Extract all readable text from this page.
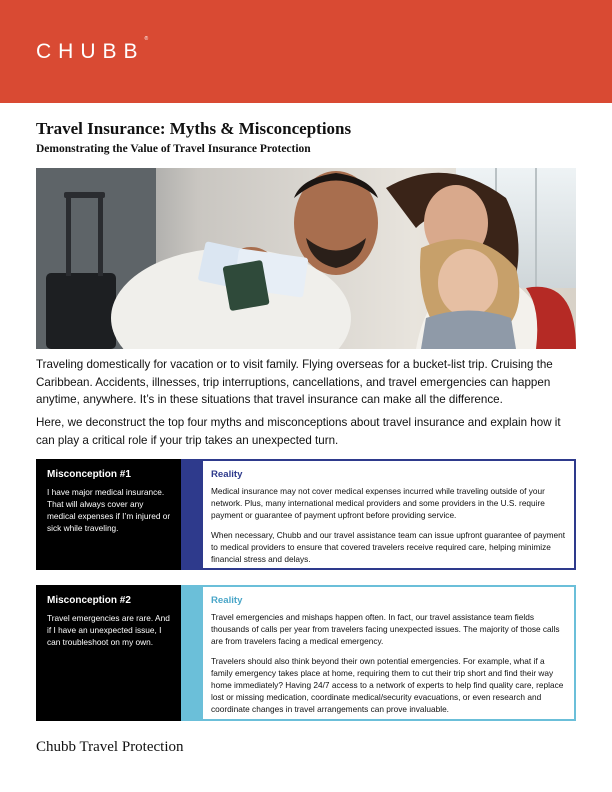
CHUBB®
Travel Insurance: Myths & Misconceptions
Demonstrating the Value of Travel Insurance Protection

Traveling domestically for vacation or to visit family. Flying overseas for a bucket-list trip. Cruising the Caribbean. Accidents, illnesses, trip interruptions, cancellations, and travel emergencies can happen anytime, anywhere. It’s in these situations that travel insurance can make all the difference.

Here, we deconstruct the top four myths and misconceptions about travel insurance and explain how it can play a critical role if your trip takes an unexpected turn.

Misconception #1

I have major medical insurance. That will always cover any medical expenses if I’m injured or sick while traveling.

Reality

Medical insurance may not cover medical expenses incurred while traveling outside of your network. Plus, many international medical providers and some providers in the U.S. require payment or guarantee of payment upfront before providing service.

When necessary, Chubb and our travel assistance team can issue upfront guarantee of payment to medical providers to ensure that covered travelers receive required care, helping minimize financial stress and delays.

Misconception #2

Travel emergencies are rare. And if I have an unexpected issue, I can troubleshoot on my own.

Reality

Travel emergencies and mishaps happen often. In fact, our travel assistance team fields thousands of calls per year from travelers facing unexpected issues. The majority of those calls are from travelers facing a medical emergency.

Travelers should also think beyond their own potential emergencies. For example, what if a family emergency takes place at home, requiring them to cut their trip short and find their way home immediately? Having 24/7 access to a network of experts to help find quality care, replace lost or missing medication, coordinate medical/security evacuations, or even research and coordinate changes in travel arrangements can prove invaluable.

Chubb Travel Protection
